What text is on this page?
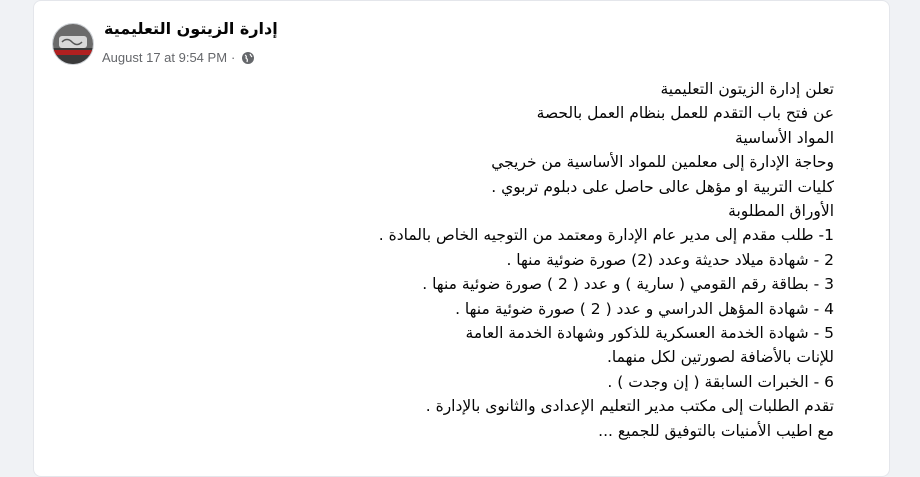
إدارة الزيتون التعليمية
August 17 at 9:54 PM ·
تعلن إدارة الزيتون التعليمية
عن فتح باب التقدم للعمل بنظام العمل بالحصة
المواد الأساسية
وحاجة الإدارة إلى معلمين للمواد الأساسية من خريجي
كليات التربية او مؤهل عالى حاصل على دبلوم تربوي .
الأوراق المطلوبة
1- طلب مقدم إلى مدير عام الإدارة ومعتمد من التوجيه الخاص بالمادة .
2 - شهادة ميلاد حديثة وعدد (2) صورة ضوئية منها .
3 - بطاقة رقم القومي ( سارية ) و عدد ( 2 ) صورة ضوئية منها .
4 - شهادة المؤهل الدراسي و عدد ( 2 ) صورة ضوئية منها .
5 - شهادة الخدمة العسكرية للذكور وشهادة الخدمة العامة
للإنات بالأضافة لصورتين لكل منهما.
6 - الخبرات السابقة ( إن وجدت ) .
تقدم الطلبات إلى مكتب مدير التعليم الإعدادى والثانوى بالإدارة .
مع اطيب الأمنيات بالتوفيق للجميع ...
